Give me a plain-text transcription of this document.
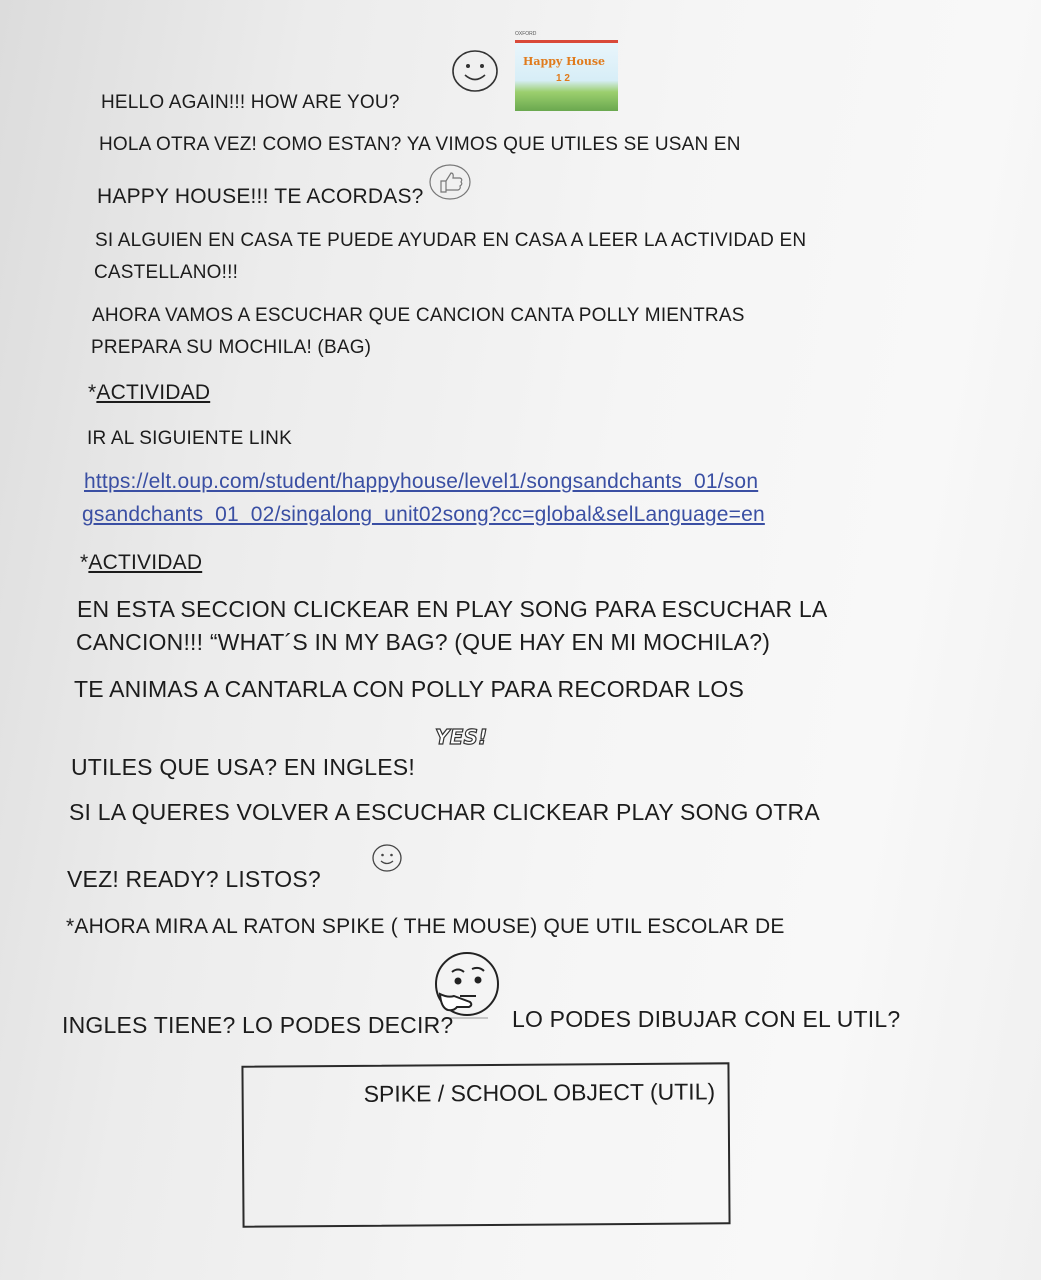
OXFORD
Happy House
1 2
HELLO AGAIN!!! HOW ARE YOU?
HOLA OTRA VEZ! COMO ESTAN? YA VIMOS QUE UTILES SE USAN EN
HAPPY HOUSE!!! TE ACORDAS?
SI ALGUIEN EN CASA TE PUEDE AYUDAR EN CASA A LEER LA ACTIVIDAD EN
CASTELLANO!!!
AHORA VAMOS A ESCUCHAR QUE CANCION CANTA POLLY MIENTRAS
PREPARA SU MOCHILA! (BAG)
*ACTIVIDAD
IR AL SIGUIENTE LINK
https://elt.oup.com/student/happyhouse/level1/songsandchants_01/son
gsandchants_01_02/singalong_unit02song?cc=global&selLanguage=en
*ACTIVIDAD
EN ESTA SECCION CLICKEAR EN PLAY SONG PARA ESCUCHAR LA
CANCION!!! “WHAT´S IN MY BAG? (QUE HAY EN MI MOCHILA?)
TE ANIMAS A CANTARLA CON POLLY PARA RECORDAR LOS
YES!
UTILES QUE USA? EN INGLES!
SI LA QUERES VOLVER A ESCUCHAR CLICKEAR PLAY SONG OTRA
VEZ! READY? LISTOS?
*AHORA MIRA AL RATON SPIKE ( THE MOUSE) QUE UTIL ESCOLAR DE
INGLES TIENE? LO PODES DECIR?	LO PODES DIBUJAR CON EL UTIL?
SPIKE / SCHOOL OBJECT (UTIL)
